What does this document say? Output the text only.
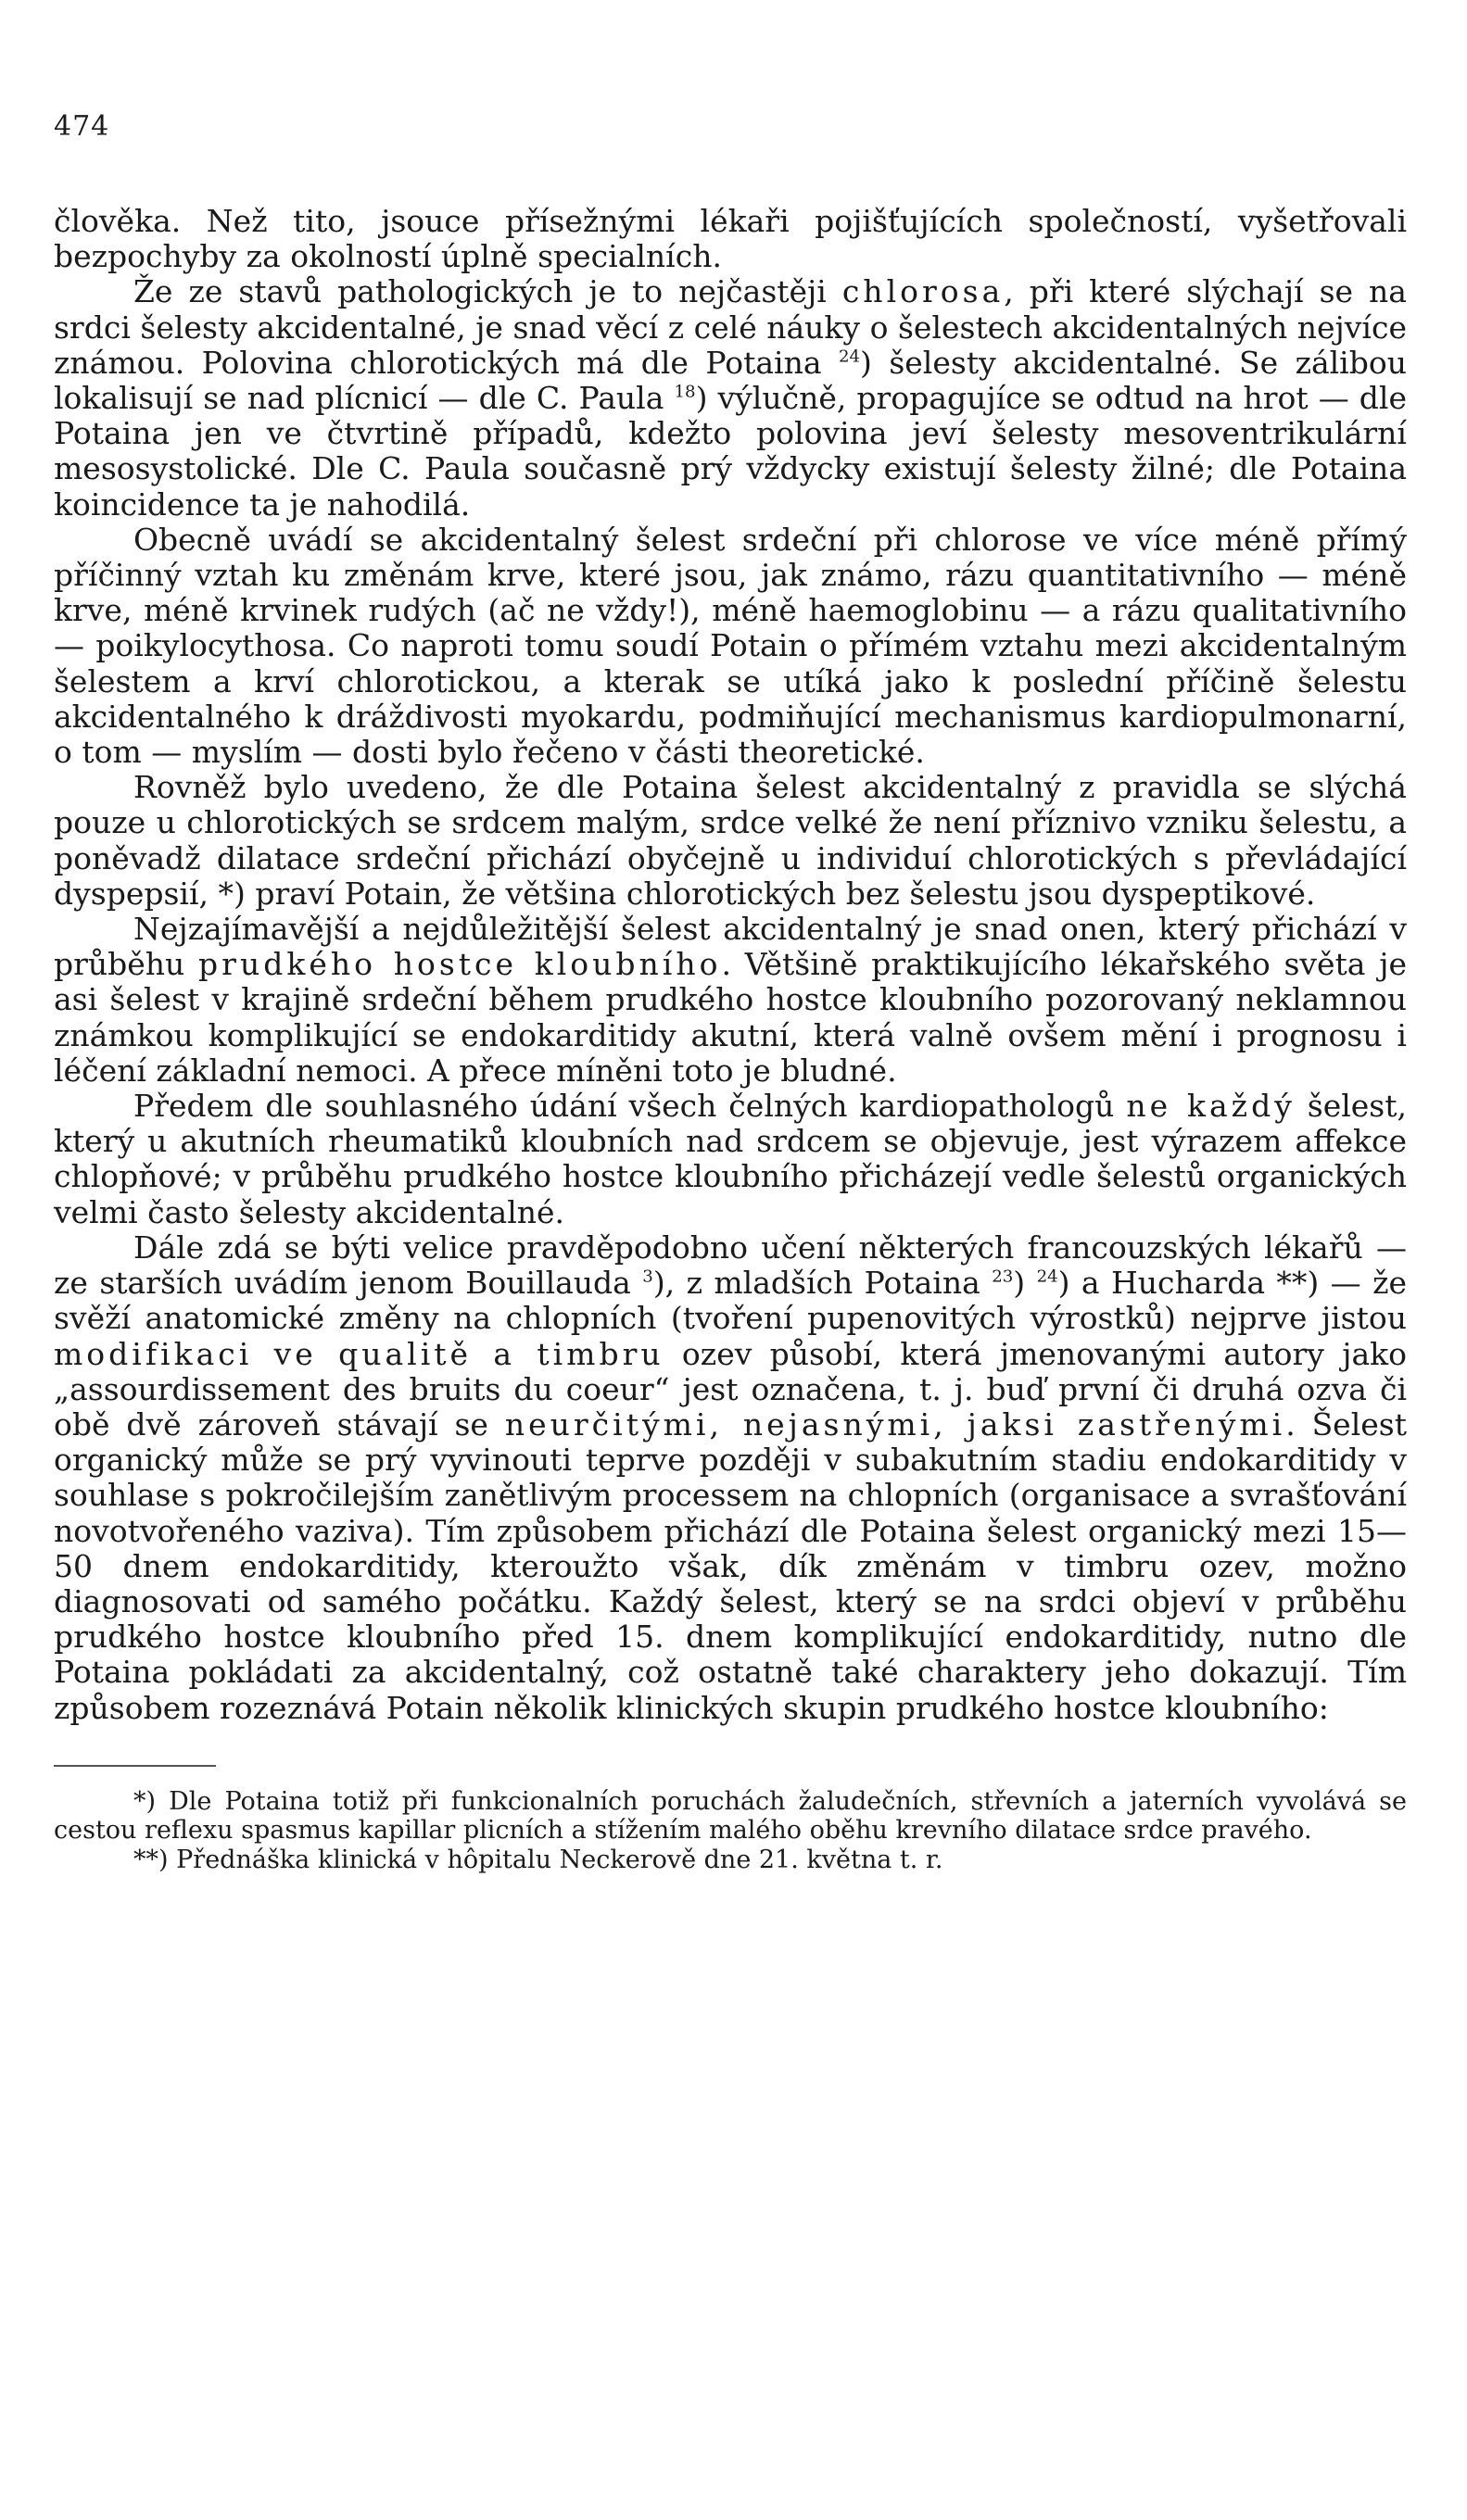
474

člověka. Než tito, jsouce přísežnými lékaři pojišťujících společností, vyšetřovali bezpochyby za okolností úplně specialních.

Že ze stavů pathologických je to nejčastěji chlorosa, při které slýchají se na srdci šelesty akcidentalné, je snad věcí z celé náuky o šelestech akcidentalných nejvíce známou. Polovina chlorotických má dle Potaina $^{24}$) šelesty akcidentalné. Se zálibou lokalisují se nad plícnicí — dle C. Paula $^{18}$) výlučně, propagujíce se odtud na hrot — dle Potaina jen ve čtvrtině případů, kdežto polovina jeví šelesty mesoventrikulární mesosystolické. Dle C. Paula současně prý vždycky existují šelesty žilné; dle Potaina koincidence ta je nahodilá.

Obecně uvádí se akcidentalný šelest srdeční při chlorose ve více méně přímý příčinný vztah ku změnám krve, které jsou, jak známo, rázu quantitativního — méně krve, méně krvinek rudých (ač ne vždy!), méně haemoglobinu — a rázu qualitativního — poikylocythosa. Co naproti tomu soudí Potain o přímém vztahu mezi akcidentalným šelestem a krví chlorotickou, a kterak se utíká jako k poslední příčině šelestu akcidentalného k dráždivosti myokardu, podmiňující mechanismus kardiopulmonarní, o tom — myslím — dosti bylo řečeno v části theoretické.

Rovněž bylo uvedeno, že dle Potaina šelest akcidentalný z pravidla se slýchá pouze u chlorotických se srdcem malým, srdce velké že není příznivo vzniku šelestu, a poněvadž dilatace srdeční přichází obyčejně u individuí chlorotických s převládající dyspepsií, *) praví Potain, že většina chlorotických bez šelestu jsou dyspeptikové.

Nejzajímavější a nejdůležitější šelest akcidentalný je snad onen, který přichází v průběhu prudkého hostce kloubního. Většině praktikujícího lékařského světa je asi šelest v krajině srdeční během prudkého hostce kloubního pozorovaný neklamnou známkou komplikující se endokarditidy akutní, která valně ovšem mění i prognosu i léčení základní nemoci. A přece míněni toto je bludné.

Předem dle souhlasného údání všech čelných kardiopathologů ne každý šelest, který u akutních rheumatiků kloubních nad srdcem se objevuje, jest výrazem affekce chlopňové; v průběhu prudkého hostce kloubního přicházejí vedle šelestů organických velmi často šelesty akcidentalné.

Dále zdá se býti velice pravděpodobno učení některých francouzských lékařů — ze starších uvádím jenom Bouillauda $^3$), z mladších Potaina $^{23}$) $^{24}$) a Hucharda **) — že svěží anatomické změny na chlopních (tvoření pupenovitých výrostků) nejprve jistou modifikaci ve qualitě a timbru ozev působí, která jmenovanými autory jako „assourdissement des bruits du coeur“ jest označena, t. j. buď první či druhá ozva či obě dvě zároveň stávají se neurčitými, nejasnými, jaksi zastřenými. Šelest organický může se prý vyvinouti teprve později v subakutním stadiu endokarditidy v souhlase s pokročilejším zanětlivým processem na chlopních (organisace a svrašťování novotvořeného vaziva). Tím způsobem přichází dle Potaina šelest organický mezi 15—50 dnem endokarditidy, kteroužto však, dík změnám v timbru ozev, možno diagnosovati od samého počátku. Každý šelest, který se na srdci objeví v průběhu prudkého hostce kloubního před 15. dnem komplikující endokarditidy, nutno dle Potaina pokládati za akcidentalný, což ostatně také charaktery jeho dokazují. Tím způsobem rozeznává Potain několik klinických skupin prudkého hostce kloubního:

*) Dle Potaina totiž při funkcionalních poruchách žaludečních, střevních a jaterních vyvolává se cestou reflexu spasmus kapillar plicních a stížením malého oběhu krevního dilatace srdce pravého.

**) Přednáška klinická v hôpitalu Neckerově dne 21. května t. r.
